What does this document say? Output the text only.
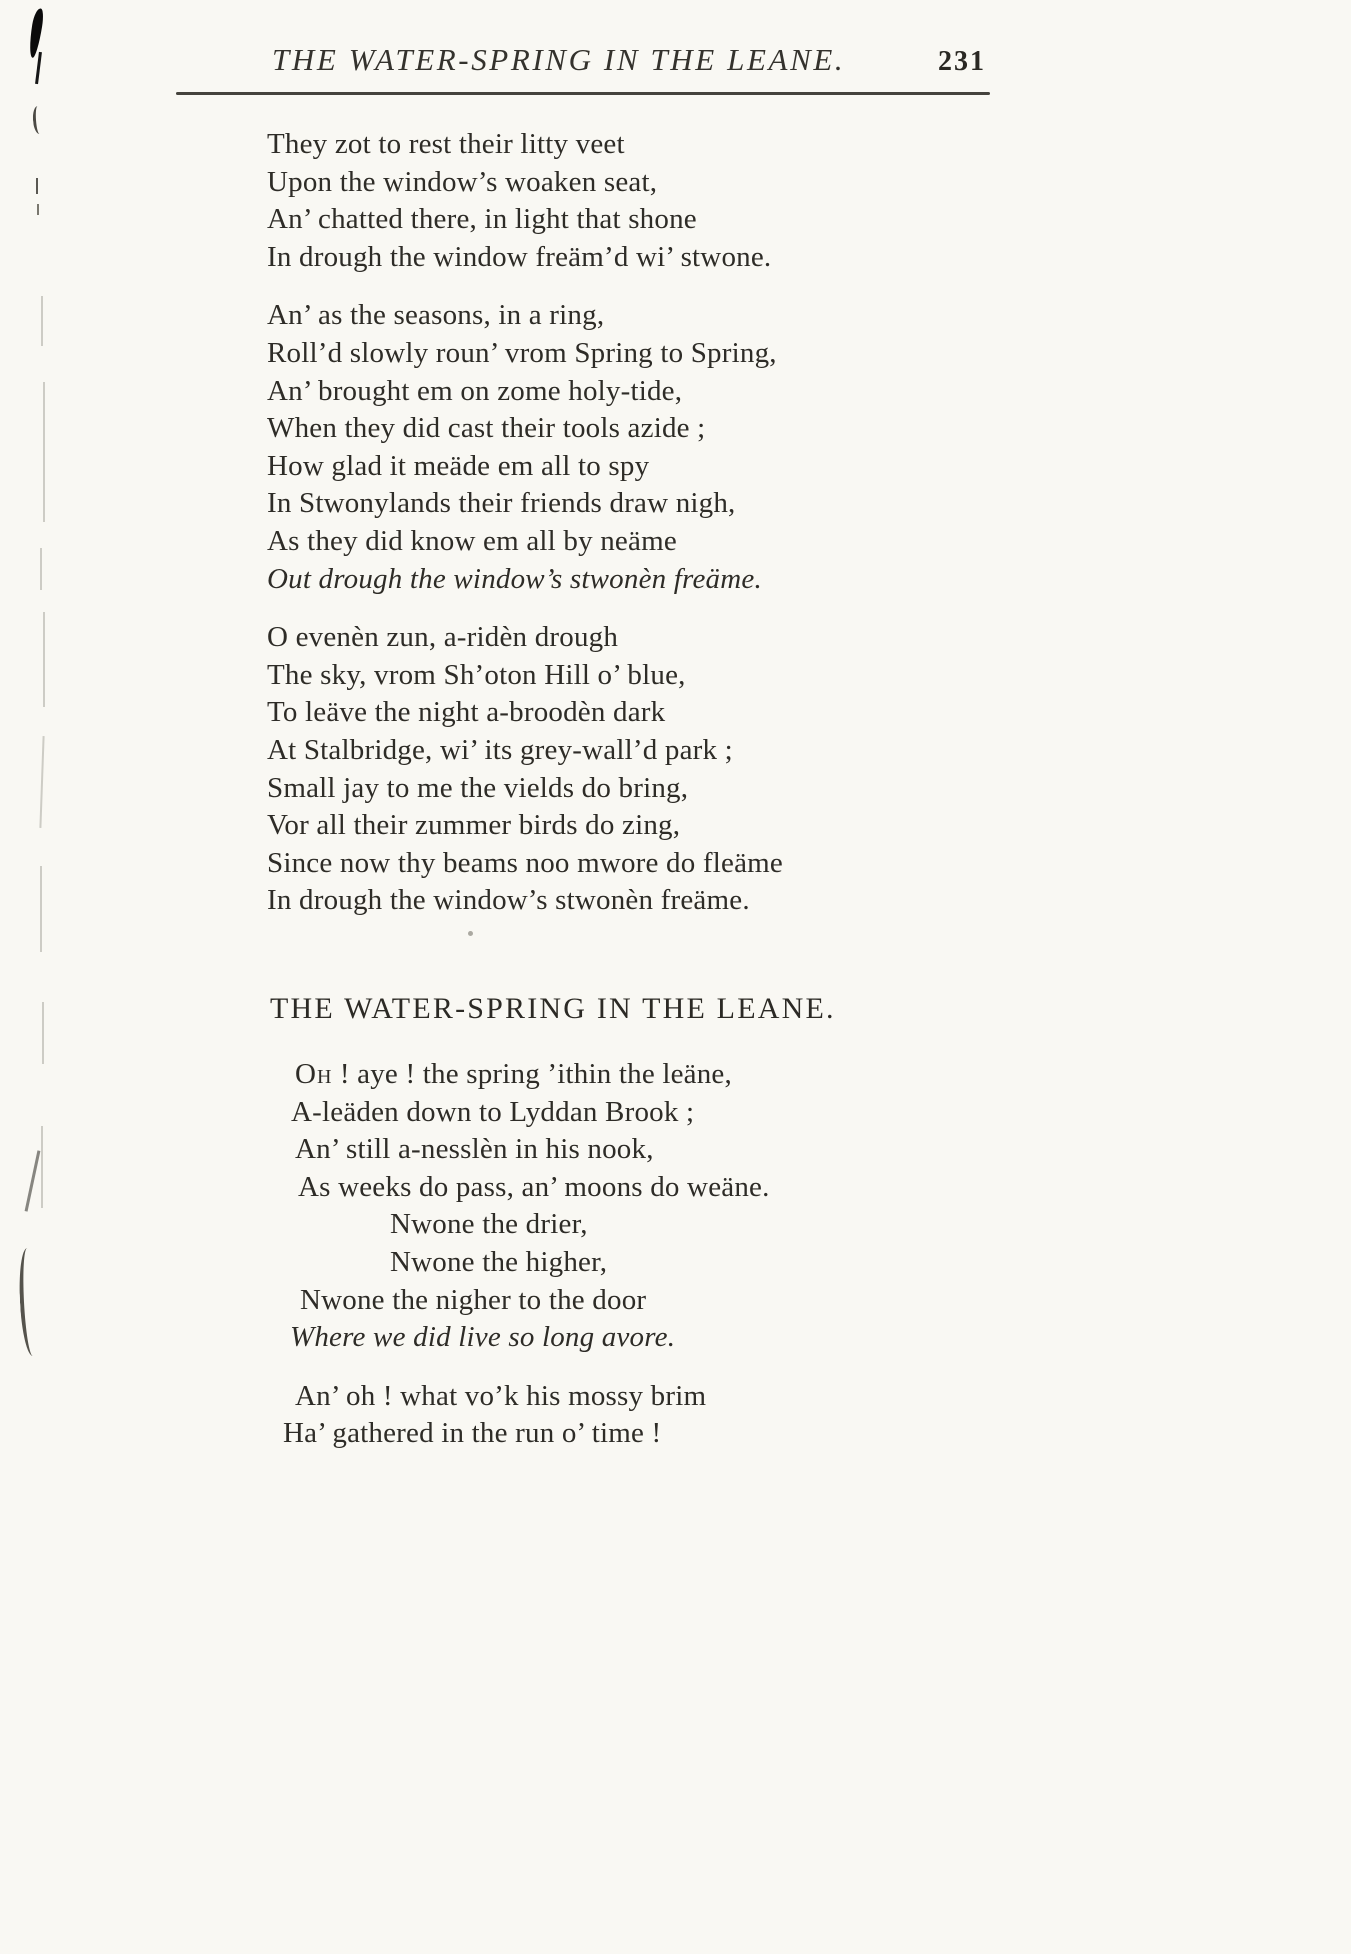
THE WATER-SPRING IN THE LEANE.	231
They zot to rest their litty veet
Upon the window’s woaken seat,
An’ chatted there, in light that shone
In drough the window freäm’d wi’ stwone.
An’ as the seasons, in a ring,
Roll’d slowly roun’ vrom Spring to Spring,
An’ brought em on zome holy-tide,
When they did cast their tools azide ;
How glad it meäde em all to spy
In Stwonylands their friends draw nigh,
As they did know em all by neäme
Out drough the window’s stwonèn freäme.
O evenèn zun, a-ridèn drough
The sky, vrom Sh’oton Hill o’ blue,
To leäve the night a-broodèn dark
At Stalbridge, wi’ its grey-wall’d park ;
Small jay to me the vields do bring,
Vor all their zummer birds do zing,
Since now thy beams noo mwore do fleäme
In drough the window’s stwonèn freäme.
THE WATER-SPRING IN THE LEANE.
Oh ! aye ! the spring ’ithin the leäne,
A-leäden down to Lyddan Brook ;
An’ still a-nesslèn in his nook,
As weeks do pass, an’ moons do weäne.
Nwone the drier,
Nwone the higher,
Nwone the nigher to the door
Where we did live so long avore.
An’ oh ! what vo’k his mossy brim
Ha’ gathered in the run o’ time !
